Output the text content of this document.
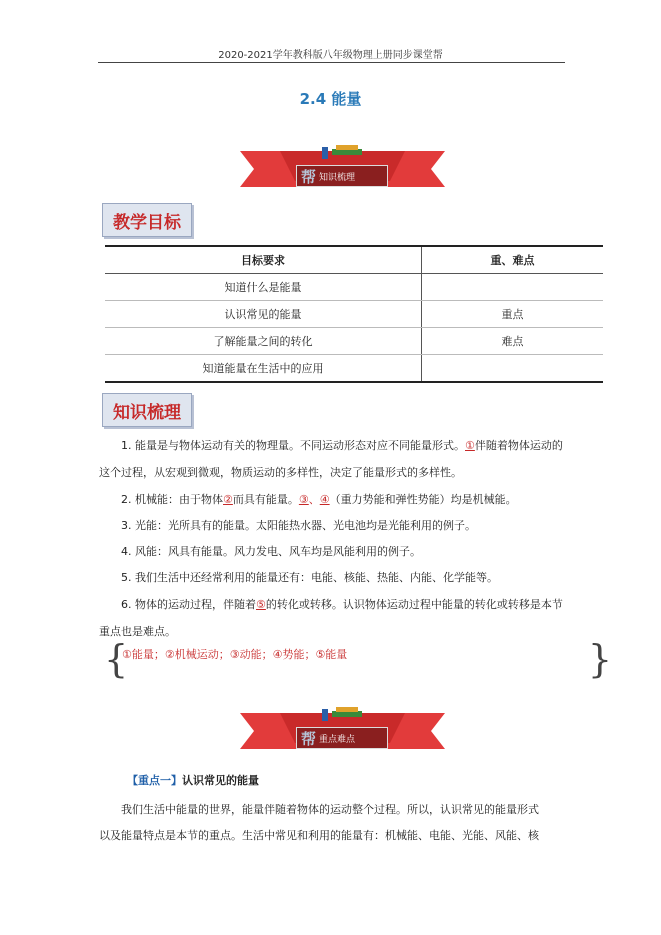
2020-2021学年教科版八年级物理上册同步课堂帮
2.4 能量
帮 知识梳理
教学目标
目标要求	重、难点
知道什么是能量	
认识常见的能量	重点
了解能量之间的转化	难点
知道能量在生活中的应用	
知识梳理
1. 能量是与物体运动有关的物理量。不同运动形态对应不同能量形式。①伴随着物体运动的这个过程，从宏观到微观，物质运动的多样性，决定了能量形式的多样性。
2. 机械能：由于物体②而具有能量。③、④（重力势能和弹性势能）均是机械能。
3. 光能：光所具有的能量。太阳能热水器、光电池均是光能利用的例子。
4. 风能：风具有能量。风力发电、风车均是风能利用的例子。
5. 我们生活中还经常利用的能量还有：电能、核能、热能、内能、化学能等。
6. 物体的运动过程，伴随着⑤的转化或转移。认识物体运动过程中能量的转化或转移是本节重点也是难点。
{	}
①能量；②机械运动；③动能；④势能；⑤能量
帮 重点难点
【重点一】认识常见的能量
我们生活中能量的世界，能量伴随着物体的运动整个过程。所以，认识常见的能量形式
以及能量特点是本节的重点。生活中常见和利用的能量有：机械能、电能、光能、风能、核
